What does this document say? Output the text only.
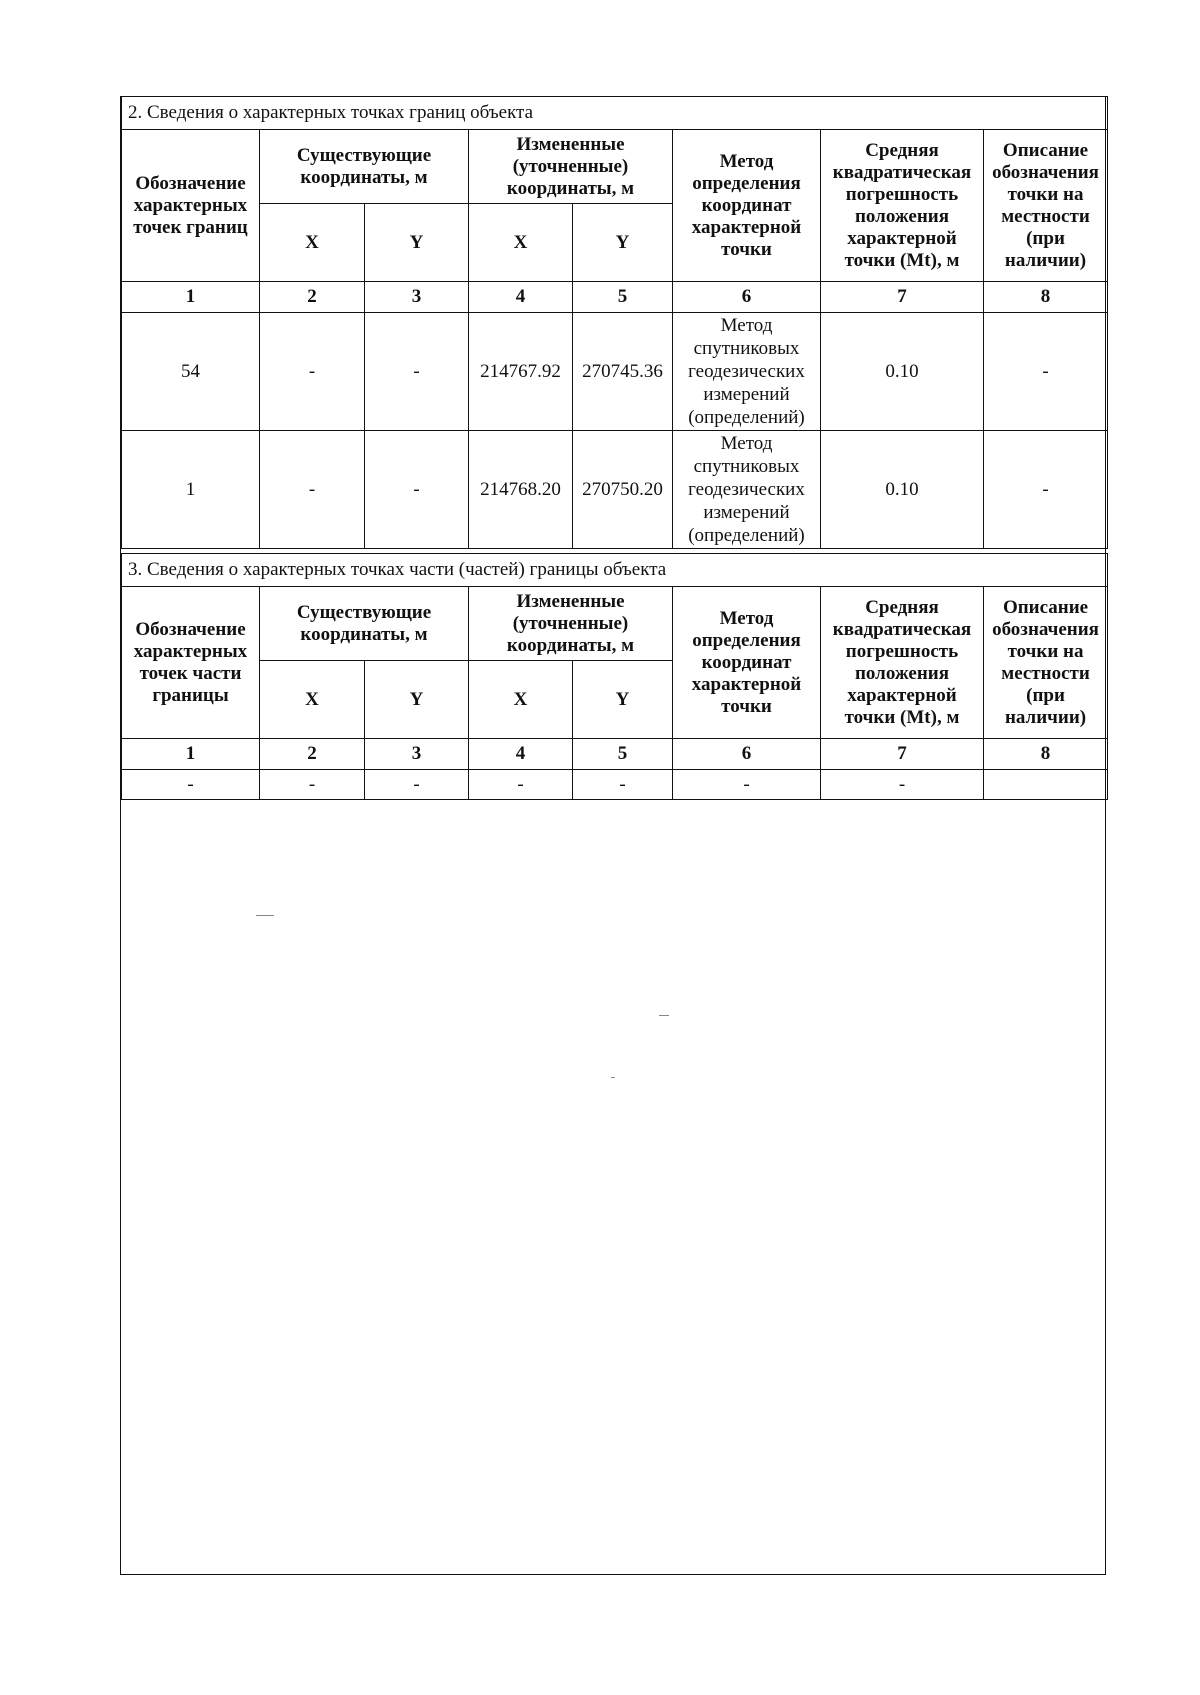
2. Сведения о характерных точках границ объекта							
Обозначение характерных точек границ	Существующие координаты, м		Измененные (уточненные) координаты, м		Метод определения координат характерной точки	Средняя квадратическая погрешность положения характерной точки (Mt), м	Описание обозначения точки на местности (при наличии)
	X	Y	X	Y			
1	2	3	4	5	6	7	8
54	-	-	214767.92	270745.36	Метод спутниковых геодезических измерений (определений)	0.10	-
1	-	-	214768.20	270750.20	Метод спутниковых геодезических измерений (определений)	0.10	-
3. Сведения о характерных точках части (частей) границы объекта							
Обозначение характерных точек части границы	Существующие координаты, м		Измененные (уточненные) координаты, м		Метод определения координат характерной точки	Средняя квадратическая погрешность положения характерной точки (Mt), м	Описание обозначения точки на местности (при наличии)
	X	Y	X	Y			
1	2	3	4	5	6	7	8
-	-	-	-	-	-	-	
